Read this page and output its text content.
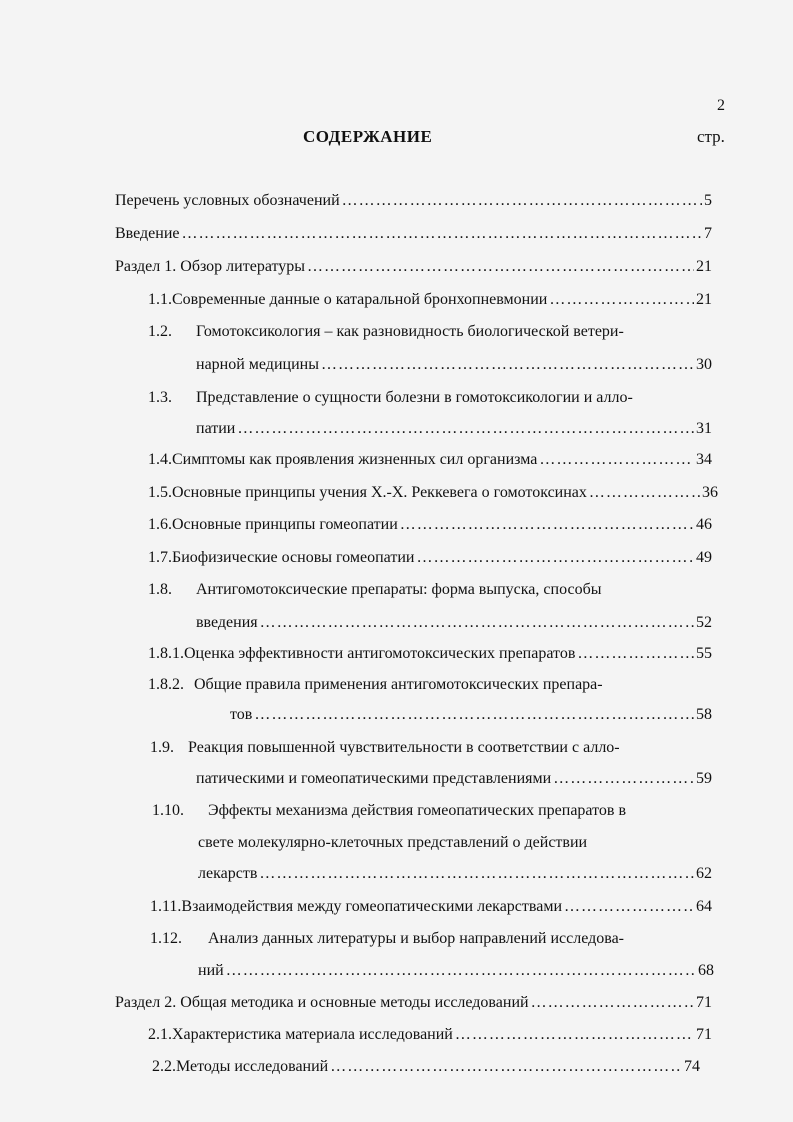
2
СОДЕРЖАНИЕ	стр.
Перечень условных обозначений ………………………………………………………………………………………………………………………………………………………………	5
Введение ………………………………………………………………………………………………………………………………………………………………	7
Раздел 1. Обзор литературы ………………………………………………………………………………………………………………………………………………………………	21
1.1. Современные данные о катаральной бронхопневмонии ………………………………………………………………………………………………………………………………………………………………	21
1.2. Гомотоксикология – как разновидность биологической ветери-
нарной медицины ………………………………………………………………………………………………………………………………………………………………	30
1.3. Представление о сущности болезни в гомотоксикологии и алло-
патии ………………………………………………………………………………………………………………………………………………………………	31
1.4. Симптомы как проявления жизненных сил организма ………………………………………………………………………………………………………………………………………………………………	34
1.5. Основные принципы учения Х.-Х. Реккевега о гомотоксинах ………………………………………………………………………………………………………………………………………………………………	36
1.6. Основные принципы гомеопатии ………………………………………………………………………………………………………………………………………………………………	46
1.7. Биофизические основы гомеопатии ………………………………………………………………………………………………………………………………………………………………	49
1.8. Антигомотоксические препараты: форма выпуска, способы
введения ………………………………………………………………………………………………………………………………………………………………	52
1.8.1. Оценка эффективности антигомотоксических препаратов ………………………………………………………………………………………………………………………………………………………………	55
1.8.2. Общие правила применения антигомотоксических препара-
тов ………………………………………………………………………………………………………………………………………………………………	58
1.9. Реакция повышенной чувствительности в соответствии с алло-
патическими и гомеопатическими представлениями ………………………………………………………………………………………………………………………………………………………………	59
1.10. Эффекты механизма действия гомеопатических препаратов в
свете молекулярно-клеточных представлений о действии
лекарств ………………………………………………………………………………………………………………………………………………………………	62
1.11. Взаимодействия между гомеопатическими лекарствами ………………………………………………………………………………………………………………………………………………………………	64
1.12. Анализ данных литературы и выбор направлений исследова-
ний ………………………………………………………………………………………………………………………………………………………………	68
Раздел 2. Общая методика и основные методы исследований ………………………………………………………………………………………………………………………………………………………………	71
2.1. Характеристика материала исследований ………………………………………………………………………………………………………………………………………………………………	71
2.2. Методы исследований ………………………………………………………………………………………………………………………………………………………………	74
